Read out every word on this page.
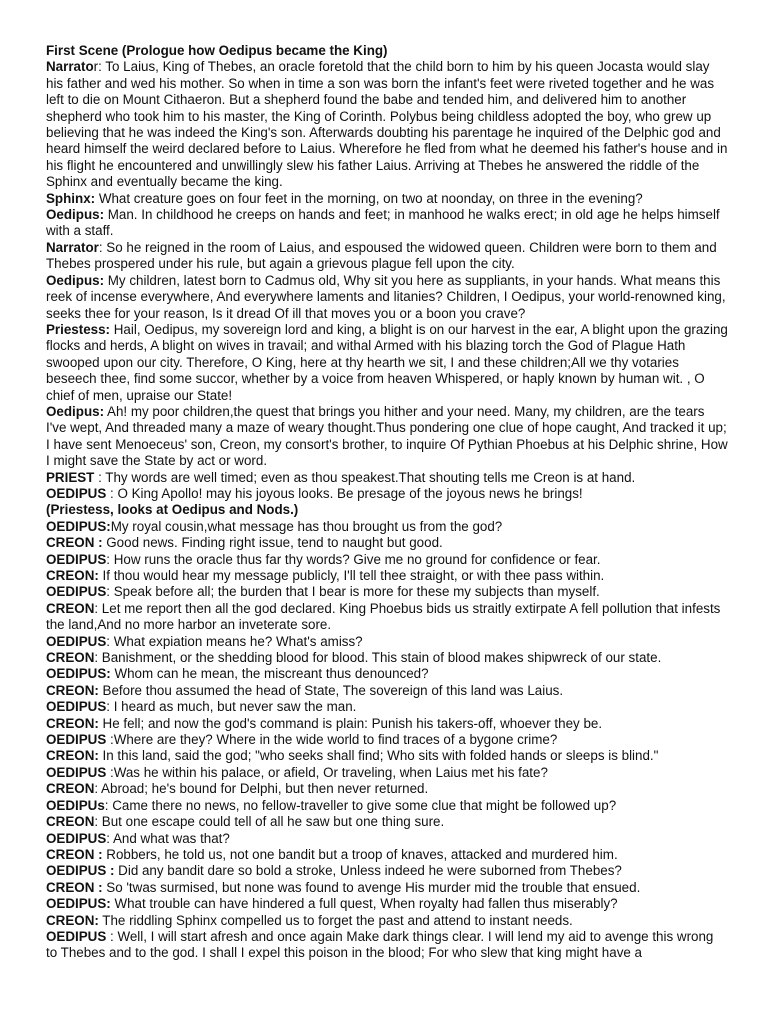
First Scene (Prologue how Oedipus became the King)
Narrator: To Laius, King of Thebes, an oracle foretold that the child born to him by his queen Jocasta would slay his father and wed his mother. So when in time a son was born the infant's feet were riveted together and he was left to die on Mount Cithaeron. But a shepherd found the babe and tended him, and delivered him to another shepherd who took him to his master, the King of Corinth. Polybus being childless adopted the boy, who grew up believing that he was indeed the King's son. Afterwards doubting his parentage he inquired of the Delphic god and heard himself the weird declared before to Laius. Wherefore he fled from what he deemed his father's house and in his flight he encountered and unwillingly slew his father Laius. Arriving at Thebes he answered the riddle of the Sphinx and eventually became the king.
Sphinx: What creature goes on four feet in the morning, on two at noonday, on three in the evening?
Oedipus: Man. In childhood he creeps on hands and feet; in manhood he walks erect; in old age he helps himself with a staff.
Narrator: So he reigned in the room of Laius, and espoused the widowed queen. Children were born to them and Thebes prospered under his rule, but again a grievous plague fell upon the city.
Oedipus: My children, latest born to Cadmus old, Why sit you here as suppliants, in your hands. What means this reek of incense everywhere, And everywhere laments and litanies? Children, I Oedipus, your world-renowned king, seeks thee for your reason, Is it dread Of ill that moves you or a boon you crave?
Priestess: Hail, Oedipus, my sovereign lord and king, a blight is on our harvest in the ear, A blight upon the grazing flocks and herds, A blight on wives in travail; and withal Armed with his blazing torch the God of Plague Hath swooped upon our city. Therefore, O King, here at thy hearth we sit, I and these children;All we thy votaries beseech thee, find some succor, whether by a voice from heaven Whispered, or haply known by human wit. , O chief of men, upraise our State!
Oedipus: Ah! my poor children,the quest that brings you hither and your need. Many, my children, are the tears I've wept, And threaded many a maze of weary thought.Thus pondering one clue of hope caught, And tracked it up; I have sent Menoeceus' son, Creon, my consort's brother, to inquire Of Pythian Phoebus at his Delphic shrine, How I might save the State by act or word.
PRIEST : Thy words are well timed; even as thou speakest.That shouting tells me Creon is at hand.
OEDIPUS : O King Apollo! may his joyous looks. Be presage of the joyous news he brings!
(Priestess, looks at Oedipus and Nods.)
OEDIPUS:My royal cousin,what message has thou brought us from the god?
CREON : Good news. Finding right issue, tend to naught but good.
OEDIPUS: How runs the oracle thus far thy words? Give me no ground for confidence or fear.
CREON: If thou would hear my message publicly, I'll tell thee straight, or with thee pass within.
OEDIPUS: Speak before all; the burden that I bear is more for these my subjects than myself.
CREON: Let me report then all the god declared. King Phoebus bids us straitly extirpate A fell pollution that infests the land,And no more harbor an inveterate sore.
OEDIPUS: What expiation means he? What's amiss?
CREON: Banishment, or the shedding blood for blood. This stain of blood makes shipwreck of our state.
OEDIPUS: Whom can he mean, the miscreant thus denounced?
CREON: Before thou assumed the head of State, The sovereign of this land was Laius.
OEDIPUS: I heard as much, but never saw the man.
CREON: He fell; and now the god's command is plain: Punish his takers-off, whoever they be.
OEDIPUS :Where are they? Where in the wide world to find traces of a bygone crime?
CREON: In this land, said the god; "who seeks shall find; Who sits with folded hands or sleeps is blind."
OEDIPUS :Was he within his palace, or afield, Or traveling, when Laius met his fate?
CREON: Abroad; he's bound for Delphi, but then never returned.
OEDIPUs: Came there no news, no fellow-traveller to give some clue that might be followed up?
CREON: But one escape could tell of all he saw but one thing sure.
OEDIPUS: And what was that?
CREON : Robbers, he told us, not one bandit but a troop of knaves, attacked and murdered him.
OEDIPUS : Did any bandit dare so bold a stroke, Unless indeed he were suborned from Thebes?
CREON : So 'twas surmised, but none was found to avenge His murder mid the trouble that ensued.
OEDIPUS: What trouble can have hindered a full quest, When royalty had fallen thus miserably?
CREON: The riddling Sphinx compelled us to forget the past and attend to instant needs.
OEDIPUS : Well, I will start afresh and once again Make dark things clear. I will lend my aid to avenge this wrong to Thebes and to the god. I shall I expel this poison in the blood; For who slew that king might have a
